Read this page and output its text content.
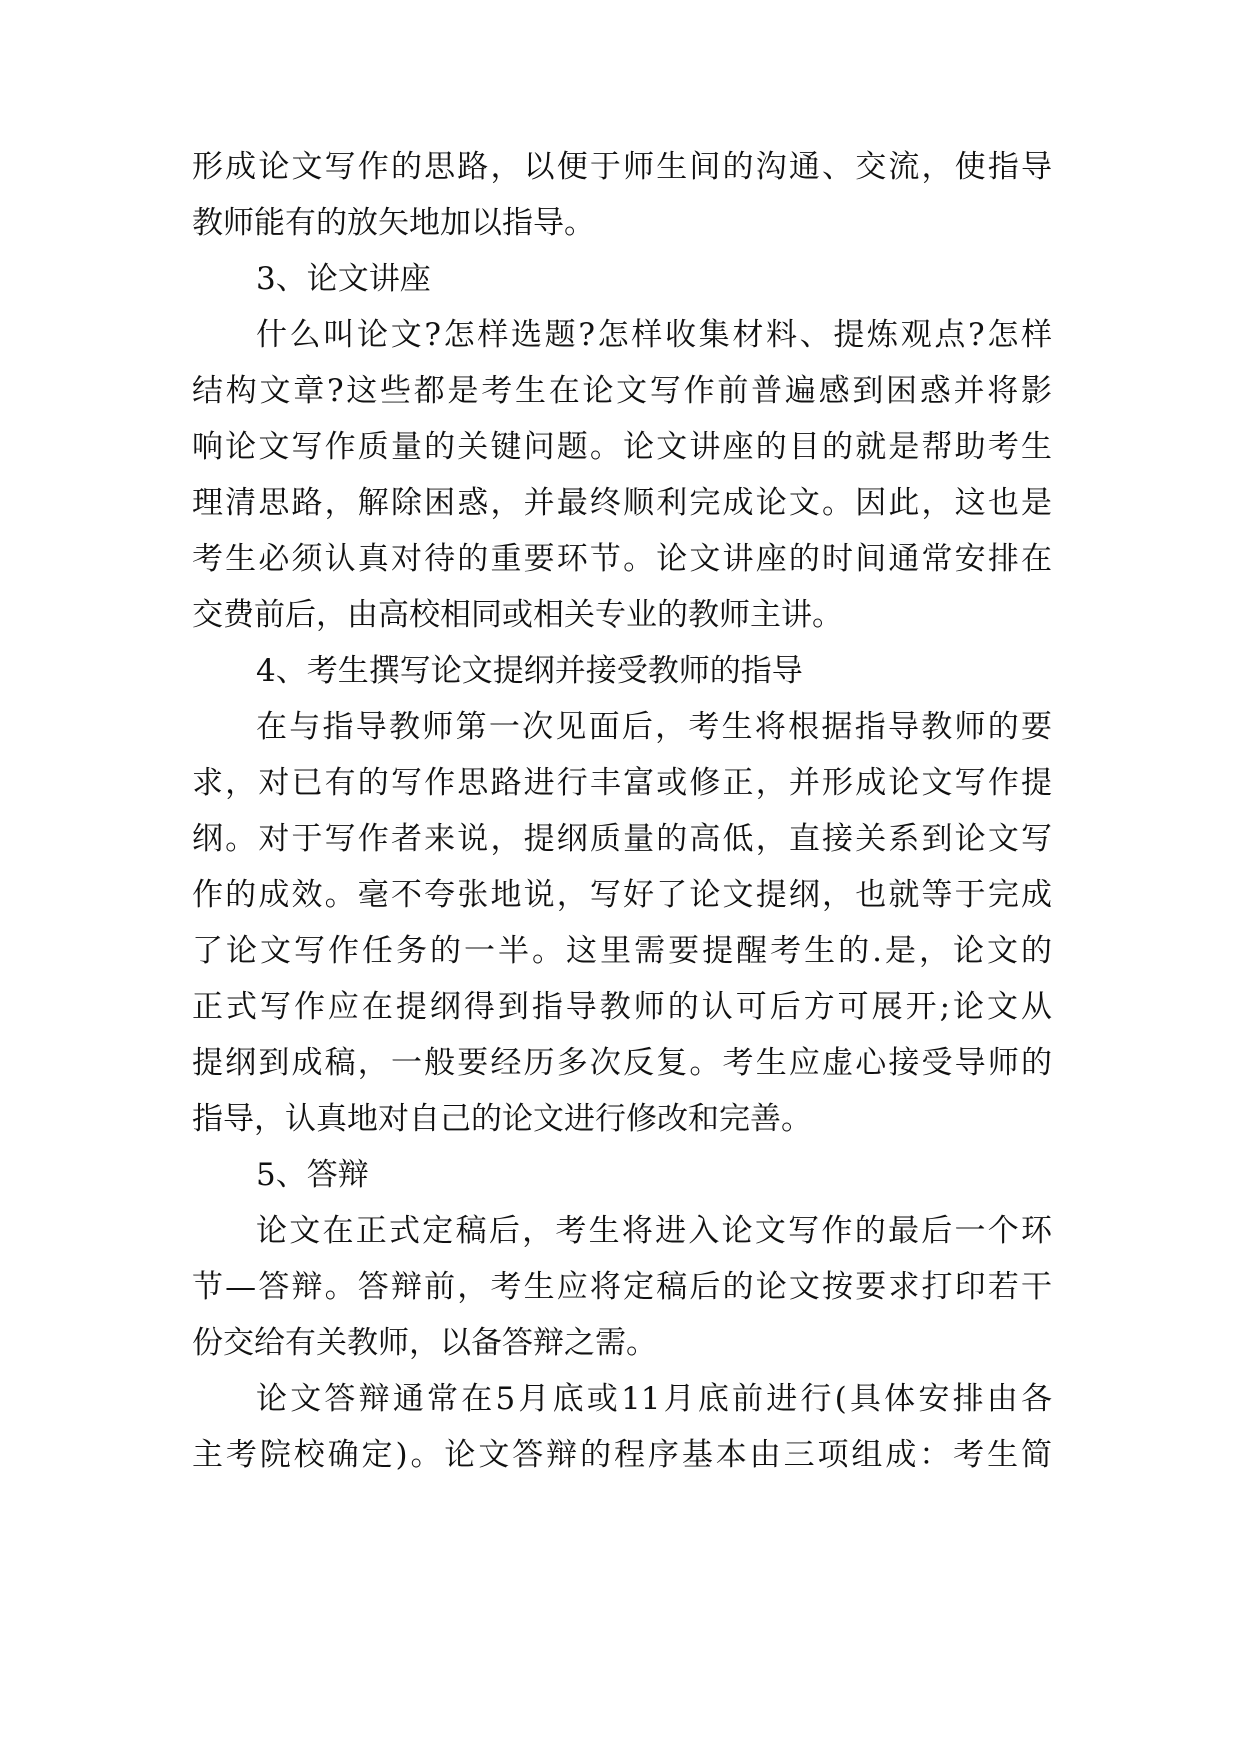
形成论文写作的思路，以便于师生间的沟通、交流，使指导
教师能有的放矢地加以指导。
3、论文讲座
什么叫论文?怎样选题?怎样收集材料、提炼观点?怎样
结构文章?这些都是考生在论文写作前普遍感到困惑并将影
响论文写作质量的关键问题。论文讲座的目的就是帮助考生
理清思路，解除困惑，并最终顺利完成论文。因此，这也是
考生必须认真对待的重要环节。论文讲座的时间通常安排在
交费前后，由高校相同或相关专业的教师主讲。
4、考生撰写论文提纲并接受教师的指导
在与指导教师第一次见面后，考生将根据指导教师的要
求，对已有的写作思路进行丰富或修正，并形成论文写作提
纲。对于写作者来说，提纲质量的高低，直接关系到论文写
作的成效。毫不夸张地说，写好了论文提纲，也就等于完成
了论文写作任务的一半。这里需要提醒考生的.是，论文的
正式写作应在提纲得到指导教师的认可后方可展开;论文从
提纲到成稿，一般要经历多次反复。考生应虚心接受导师的
指导，认真地对自己的论文进行修改和完善。
5、答辩
论文在正式定稿后，考生将进入论文写作的最后一个环
节—答辩。答辩前，考生应将定稿后的论文按要求打印若干
份交给有关教师，以备答辩之需。
论文答辩通常在5月底或11月底前进行(具体安排由各
主考院校确定)。论文答辩的程序基本由三项组成：考生简
